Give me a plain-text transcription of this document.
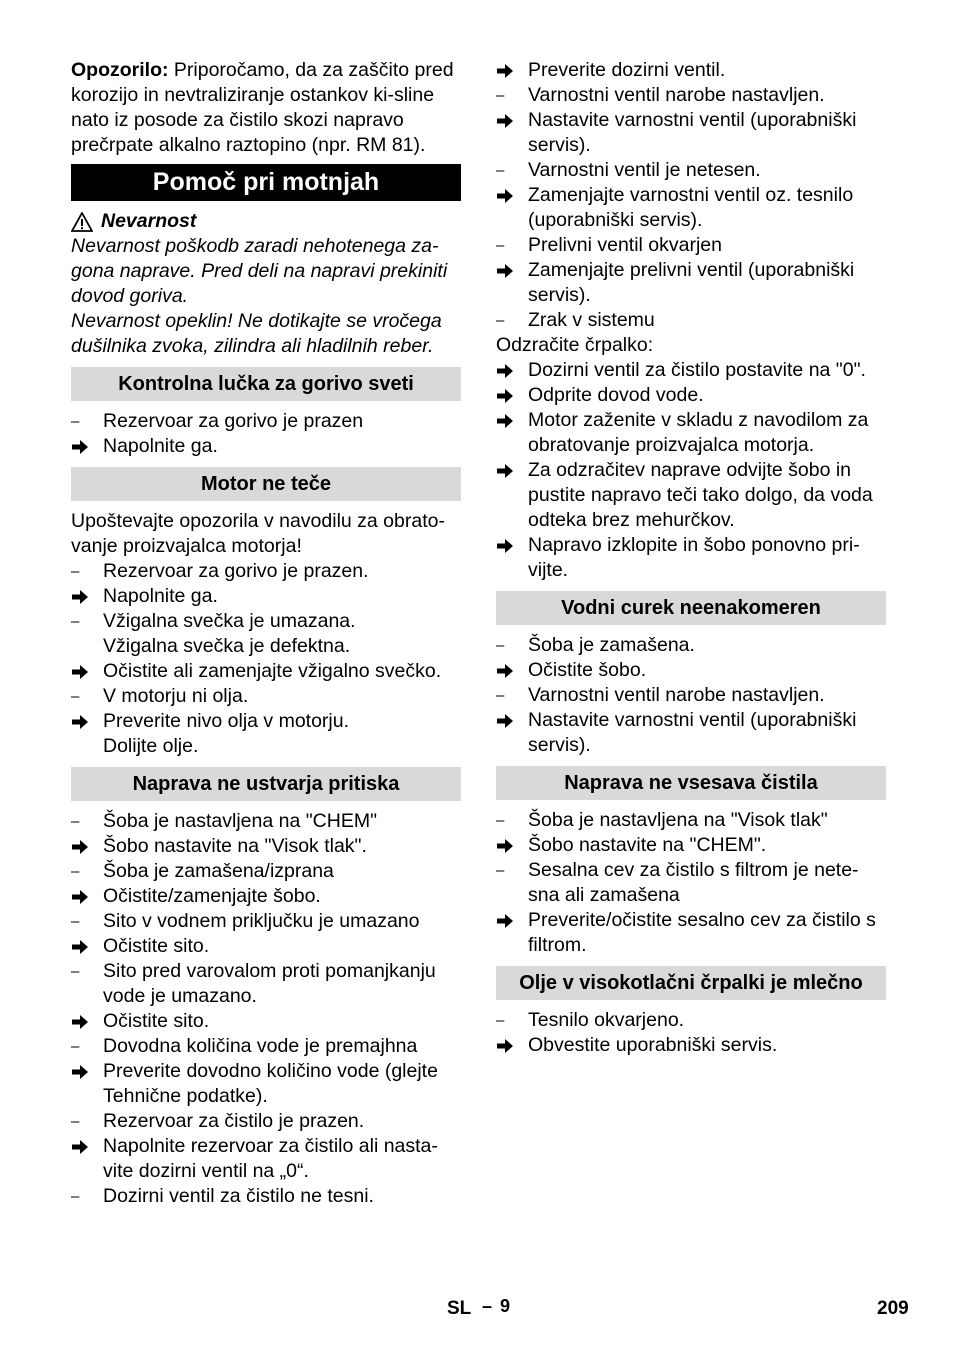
Opozorilo: Priporočamo, da za zaščito pred korozijo in nevtraliziranje ostankov ki-sline nato iz posode za čistilo skozi napravo prečrpate alkalno raztopino (npr. RM 81).

Pomoč pri motnjah
Nevarnost

Nevarnost poškodb zaradi nehotenega za-gona naprave. Pred deli na napravi prekiniti dovod goriva.

Nevarnost opeklin! Ne dotikajte se vročega dušilnika zvoka, zilindra ali hladilnih reber.

Kontrolna lučka za gorivo sveti
–	Rezervoar za gorivo je prazen
Napolnite ga.
Motor ne teče

Upoštevajte opozorila v navodilu za obrato-vanje proizvajalca motorja!

–	Rezervoar za gorivo je prazen.
Napolnite ga.
–	Vžigalna svečka je umazana.
Vžigalna svečka je defektna.
Očistite ali zamenjajte vžigalno svečko.
–	V motorju ni olja.
Preverite nivo olja v motorju.
Dolijte olje.
Naprava ne ustvarja pritiska
–	Šoba je nastavljena na "CHEM"
Šobo nastavite na "Visok tlak".
–	Šoba je zamašena/izprana
Očistite/zamenjajte šobo.
–	Sito v vodnem priključku je umazano
Očistite sito.
–	Sito pred varovalom proti pomanjkanju vode je umazano.
Očistite sito.
–	Dovodna količina vode je premajhna
Preverite dovodno količino vode (glejte Tehnične podatke).
–	Rezervoar za čistilo je prazen.
Napolnite rezervoar za čistilo ali nasta-vite dozirni ventil na „0“.
–	Dozirni ventil za čistilo ne tesni.
Preverite dozirni ventil.
–	Varnostni ventil narobe nastavljen.
Nastavite varnostni ventil (uporabniški servis).
–	Varnostni ventil je netesen.
Zamenjajte varnostni ventil oz. tesnilo (uporabniški servis).
–	Prelivni ventil okvarjen
Zamenjajte prelivni ventil (uporabniški servis).
–	Zrak v sistemu

Odzračite črpalko:

Dozirni ventil za čistilo postavite na "0".
Odprite dovod vode.
Motor zaženite v skladu z navodilom za obratovanje proizvajalca motorja.
Za odzračitev naprave odvijte šobo in pustite napravo teči tako dolgo, da voda odteka brez mehurčkov.
Napravo izklopite in šobo ponovno pri-vijte.
Vodni curek neenakomeren
–	Šoba je zamašena.
Očistite šobo.
–	Varnostni ventil narobe nastavljen.
Nastavite varnostni ventil (uporabniški servis).
Naprava ne vsesava čistila
–	Šoba je nastavljena na "Visok tlak"
Šobo nastavite na "CHEM".
–	Sesalna cev za čistilo s filtrom je nete-sna ali zamašena
Preverite/očistite sesalno cev za čistilo s filtrom.
Olje v visokotlačni črpalki je mlečno
–	Tesnilo okvarjeno.
Obvestite uporabniški servis.
SL – 9	209
